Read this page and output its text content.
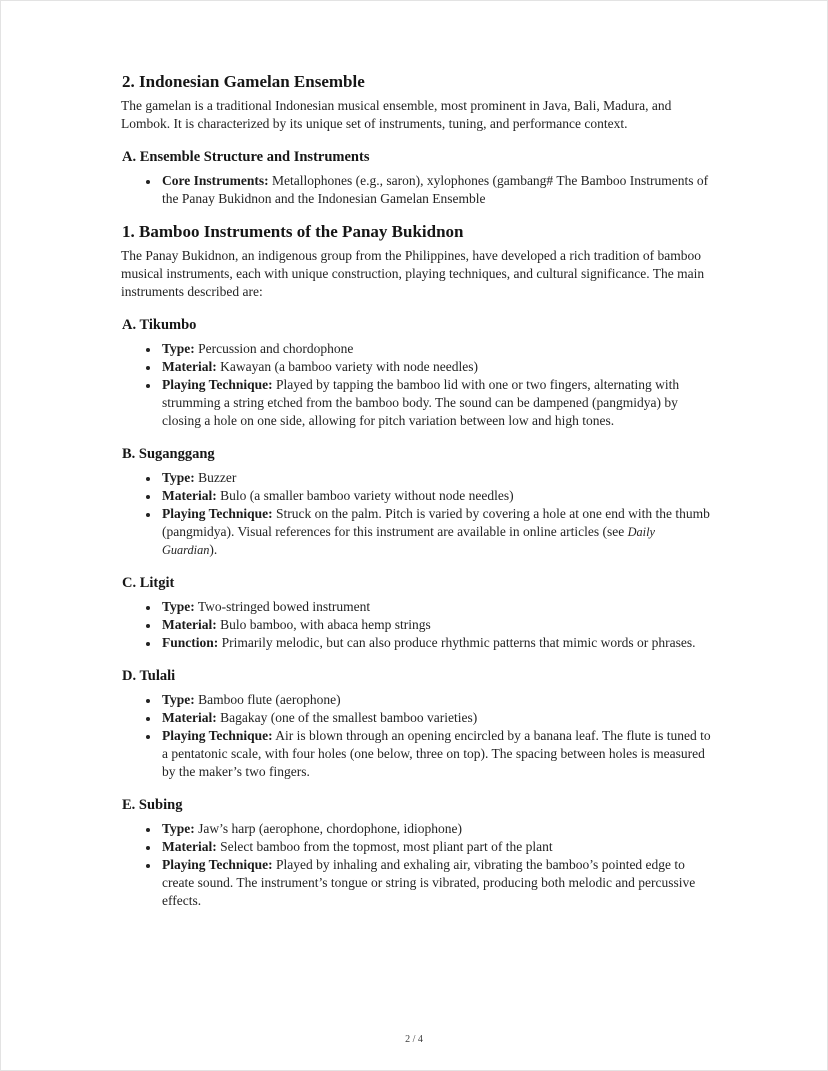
2. Indonesian Gamelan Ensemble

The gamelan is a traditional Indonesian musical ensemble, most prominent in Java, Bali, Madura, and Lombok. It is characterized by its unique set of instruments, tuning, and performance context.

A. Ensemble Structure and Instruments
• Core Instruments: Metallophones (e.g., saron), xylophones (gambang# The Bamboo Instruments of the Panay Bukidnon and the Indonesian Gamelan Ensemble
1. Bamboo Instruments of the Panay Bukidnon

The Panay Bukidnon, an indigenous group from the Philippines, have developed a rich tradition of bamboo musical instruments, each with unique construction, playing techniques, and cultural significance. The main instruments described are:

A. Tikumbo
• Type: Percussion and chordophone
• Material: Kawayan (a bamboo variety with node needles)
• Playing Technique: Played by tapping the bamboo lid with one or two fingers, alternating with strumming a string etched from the bamboo body. The sound can be dampened (pangmidya) by closing a hole on one side, allowing for pitch variation between low and high tones.
B. Suganggang
• Type: Buzzer
• Material: Bulo (a smaller bamboo variety without node needles)
• Playing Technique: Struck on the palm. Pitch is varied by covering a hole at one end with the thumb (pangmidya). Visual references for this instrument are available in online articles (see Daily Guardian).
C. Litgit
• Type: Two-stringed bowed instrument
• Material: Bulo bamboo, with abaca hemp strings
• Function: Primarily melodic, but can also produce rhythmic patterns that mimic words or phrases.
D. Tulali
• Type: Bamboo flute (aerophone)
• Material: Bagakay (one of the smallest bamboo varieties)
• Playing Technique: Air is blown through an opening encircled by a banana leaf. The flute is tuned to a pentatonic scale, with four holes (one below, three on top). The spacing between holes is measured by the maker’s two fingers.
E. Subing
• Type: Jaw’s harp (aerophone, chordophone, idiophone)
• Material: Select bamboo from the topmost, most pliant part of the plant
• Playing Technique: Played by inhaling and exhaling air, vibrating the bamboo’s pointed edge to create sound. The instrument’s tongue or string is vibrated, producing both melodic and percussive effects.
2 / 4
